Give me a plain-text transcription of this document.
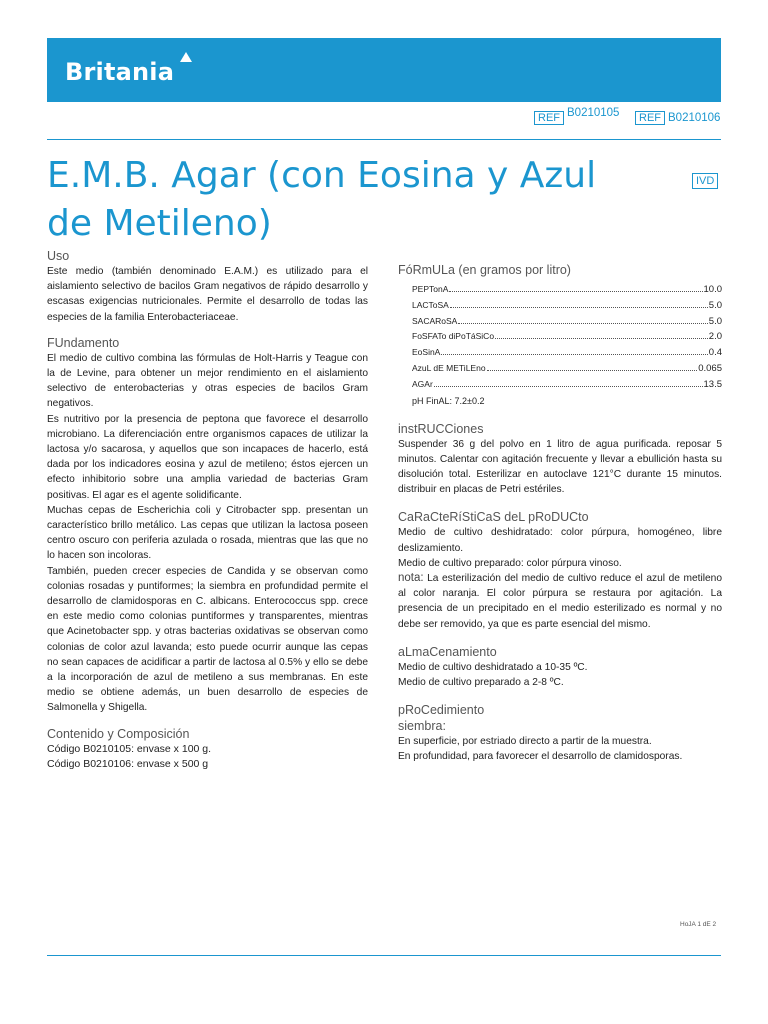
Britania
REF B0210105	REF B0210106
E.M.B. Agar (con Eosina y Azul de Metileno)
IVD
Uso

Este medio (también denominado E.A.M.) es utilizado para el aislamiento selectivo de bacilos Gram negativos de rápido desarrollo y escasas exigencias nutricionales. Permite el desarrollo de todas las especies de la familia Enterobacteriaceae.

FUndamento

El medio de cultivo combina las fórmulas de Holt-Harris y Teague con la de Levine, para obtener un mejor rendimiento en el aislamiento selectivo de enterobacterias y otras especies de bacilos Gram negativos.

Es nutritivo por la presencia de peptona que favorece el desarrollo microbiano. La diferenciación entre organismos capaces de utilizar la lactosa y/o sacarosa, y aquellos que son incapaces de hacerlo, está dada por los indicadores eosina y azul de metileno; éstos ejercen un efecto inhibitorio sobre una amplia variedad de bacterias Gram positivas. El agar es el agente solidificante.

Muchas cepas de Escherichia coli y Citrobacter spp. presentan un característico brillo metálico. Las cepas que utilizan la lactosa poseen centro oscuro con periferia azulada o rosada, mientras que las que no lo hacen son incoloras.

También, pueden crecer especies de Candida y se observan como colonias rosadas y puntiformes; la siembra en profundidad permite el desarrollo de clamidosporas en C. albicans. Enterococcus spp. crece en este medio como colonias puntiformes y transparentes, mientras que Acinetobacter spp. y otras bacterias oxidativas se observan como colonias de color azul lavanda; esto puede ocurrir aunque las cepas no sean capaces de acidificar a partir de lactosa al 0.5% y ello se debe a la incorporación de azul de metileno a sus membranas. En este medio se obtiene además, un buen desarrollo de especies de Salmonella y Shigella.

Contenido y Composición

Código B0210105: envase x 100 g. Código B0210106: envase x 500 g

FóRmULa (en gramos por litro)
PEPTonA	10.0
LACToSA	5.0
SACARoSA	5.0
FoSFATo diPoTáSiCo	2.0
EoSinA	0.4
AzuL dE METiLEno	0.065
AGAr	13.5
pH FinAL: 7.2±0.2
instRUCCiones

Suspender 36 g del polvo en 1 litro de agua purificada. reposar 5 minutos. Calentar con agitación frecuente y llevar a ebullición hasta su disolución total. Esterilizar en autoclave 121°C durante 15 minutos. distribuir en placas de Petri estériles.

CaRaCteRíStiCaS deL pRoDUCto

Medio de cultivo deshidratado: color púrpura, homogéneo, libre deslizamiento.

Medio de cultivo preparado: color púrpura vinoso.

nota: La esterilización del medio de cultivo reduce el azul de metileno al color naranja. El color púrpura se restaura por agitación. La presencia de un precipitado en el medio esterilizado es normal y no debe ser removido, ya que es parte esencial del mismo.

aLmaCenamiento

Medio de cultivo deshidratado a 10-35 ºC.

Medio de cultivo preparado a 2-8 ºC.

pRoCedimiento
siembra:

En superficie, por estriado directo a partir de la muestra.

En profundidad, para favorecer el desarrollo de clamidosporas.

HoJA 1 dE 2
